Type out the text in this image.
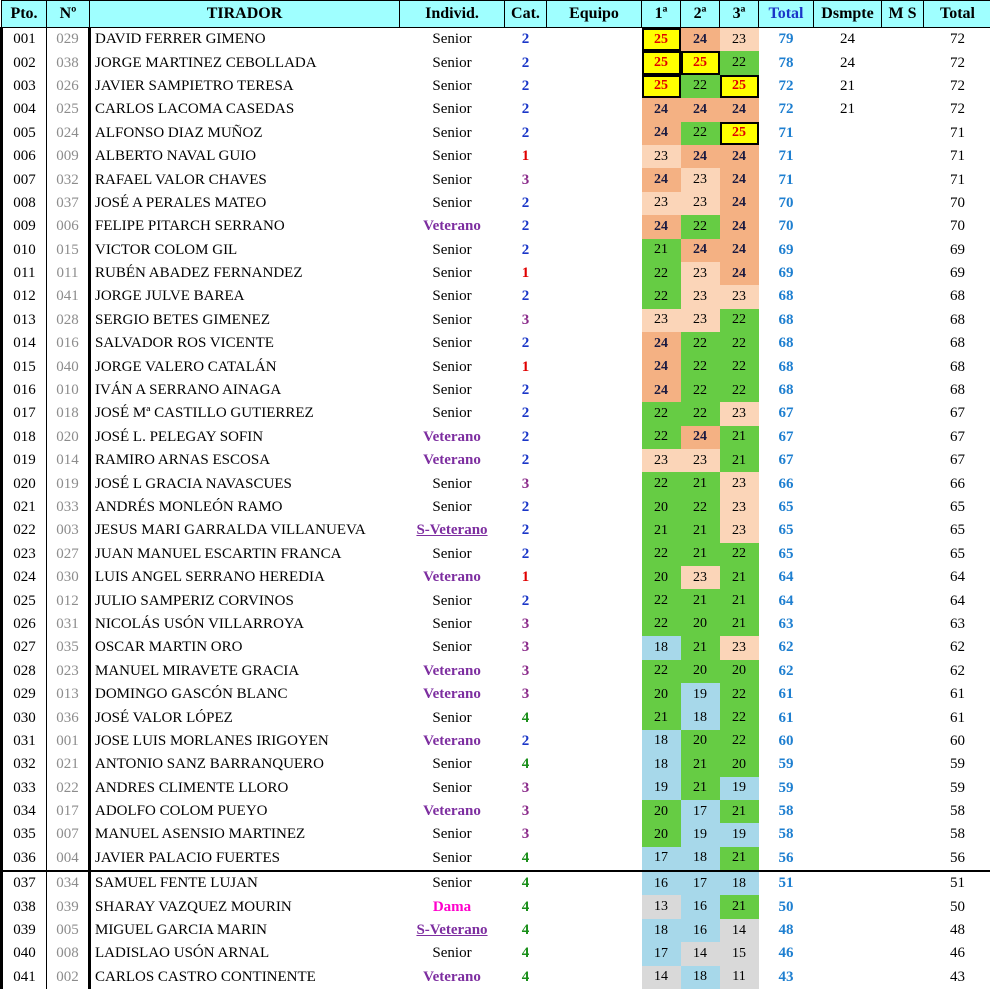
Pto.	Nº	TIRADOR	Individ.	Cat.	Equipo	1ª	2ª	3ª	Total	Dsmpte	M S	Total
001	029	DAVID FERRER GIMENO	Senior	2		25	24	23	79	24		72
002	038	JORGE MARTINEZ CEBOLLADA	Senior	2		25	25	22	78	24		72
003	026	JAVIER SAMPIETRO TERESA	Senior	2		25	22	25	72	21		72
004	025	CARLOS LACOMA CASEDAS	Senior	2		24	24	24	72	21		72
005	024	ALFONSO DIAZ MUÑOZ	Senior	2		24	22	25	71			71
006	009	ALBERTO NAVAL GUIO	Senior	1		23	24	24	71			71
007	032	RAFAEL VALOR CHAVES	Senior	3		24	23	24	71			71
008	037	JOSÉ A PERALES MATEO	Senior	2		23	23	24	70			70
009	006	FELIPE PITARCH SERRANO	Veterano	2		24	22	24	70			70
010	015	VICTOR COLOM GIL	Senior	2		21	24	24	69			69
011	011	RUBÉN ABADEZ FERNANDEZ	Senior	1		22	23	24	69			69
012	041	JORGE JULVE BAREA	Senior	2		22	23	23	68			68
013	028	SERGIO BETES GIMENEZ	Senior	3		23	23	22	68			68
014	016	SALVADOR ROS VICENTE	Senior	2		24	22	22	68			68
015	040	JORGE VALERO CATALÁN	Senior	1		24	22	22	68			68
016	010	IVÁN A SERRANO AINAGA	Senior	2		24	22	22	68			68
017	018	JOSÉ Mª CASTILLO GUTIERREZ	Senior	2		22	22	23	67			67
018	020	JOSÉ L. PELEGAY SOFIN	Veterano	2		22	24	21	67			67
019	014	RAMIRO ARNAS ESCOSA	Veterano	2		23	23	21	67			67
020	019	JOSÉ L GRACIA NAVASCUES	Senior	3		22	21	23	66			66
021	033	ANDRÉS MONLEÓN RAMO	Senior	2		20	22	23	65			65
022	003	JESUS MARI GARRALDA VILLANUEVA	S-Veterano	2		21	21	23	65			65
023	027	JUAN MANUEL ESCARTIN FRANCA	Senior	2		22	21	22	65			65
024	030	LUIS ANGEL SERRANO HEREDIA	Veterano	1		20	23	21	64			64
025	012	JULIO SAMPERIZ CORVINOS	Senior	2		22	21	21	64			64
026	031	NICOLÁS USÓN VILLARROYA	Senior	3		22	20	21	63			63
027	035	OSCAR MARTIN ORO	Senior	3		18	21	23	62			62
028	023	MANUEL MIRAVETE GRACIA	Veterano	3		22	20	20	62			62
029	013	DOMINGO GASCÓN BLANC	Veterano	3		20	19	22	61			61
030	036	JOSÉ VALOR LÓPEZ	Senior	4		21	18	22	61			61
031	001	JOSE LUIS MORLANES IRIGOYEN	Veterano	2		18	20	22	60			60
032	021	ANTONIO SANZ BARRANQUERO	Senior	4		18	21	20	59			59
033	022	ANDRES CLIMENTE LLORO	Senior	3		19	21	19	59			59
034	017	ADOLFO COLOM PUEYO	Veterano	3		20	17	21	58			58
035	007	MANUEL ASENSIO MARTINEZ	Senior	3		20	19	19	58			58
036	004	JAVIER PALACIO FUERTES	Senior	4		17	18	21	56			56
037	034	SAMUEL FENTE LUJAN	Senior	4		16	17	18	51			51
038	039	SHARAY VAZQUEZ MOURIN	Dama	4		13	16	21	50			50
039	005	MIGUEL GARCIA MARIN	S-Veterano	4		18	16	14	48			48
040	008	LADISLAO USÓN ARNAL	Senior	4		17	14	15	46			46
041	002	CARLOS CASTRO CONTINENTE	Veterano	4		14	18	11	43			43
